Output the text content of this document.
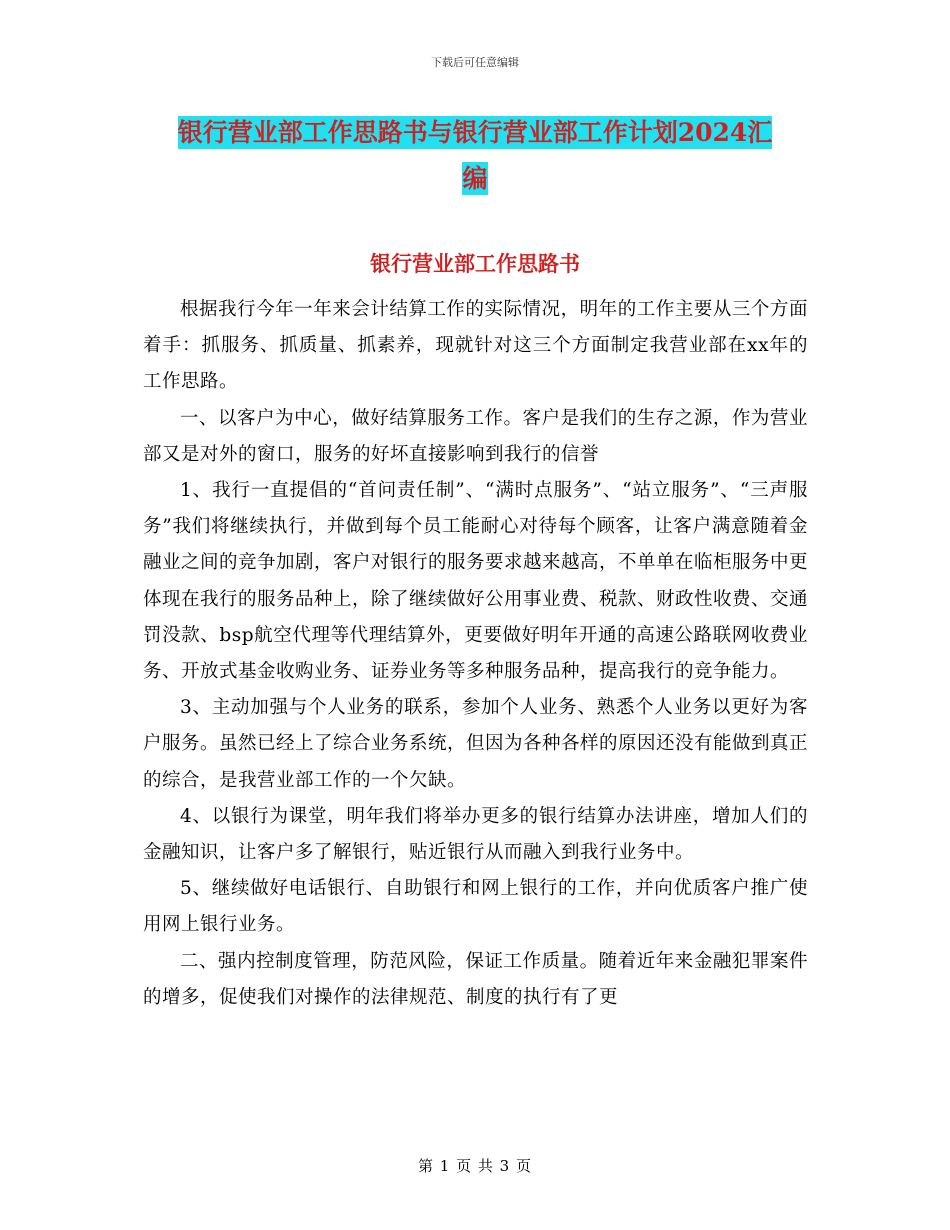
下载后可任意编辑
银行营业部工作思路书与银行营业部工作计划2024汇
编
银行营业部工作思路书

根据我行今年一年来会计结算工作的实际情况，明年的工作主要从三个方面着手：抓服务、抓质量、抓素养，现就针对这三个方面制定我营业部在xx年的工作思路。

一、以客户为中心，做好结算服务工作。客户是我们的生存之源，作为营业部又是对外的窗口，服务的好坏直接影响到我行的信誉

1、我行一直提倡的“首问责任制”、“满时点服务”、“站立服务”、“三声服务”我们将继续执行，并做到每个员工能耐心对待每个顾客，让客户满意随着金融业之间的竞争加剧，客户对银行的服务要求越来越高，不单单在临柜服务中更体现在我行的服务品种上，除了继续做好公用事业费、税款、财政性收费、交通罚没款、bsp航空代理等代理结算外，更要做好明年开通的高速公路联网收费业务、开放式基金收购业务、证券业务等多种服务品种，提高我行的竞争能力。

3、主动加强与个人业务的联系，参加个人业务、熟悉个人业务以更好为客户服务。虽然已经上了综合业务系统，但因为各种各样的原因还没有能做到真正的综合，是我营业部工作的一个欠缺。

4、以银行为课堂，明年我们将举办更多的银行结算办法讲座，增加人们的金融知识，让客户多了解银行，贴近银行从而融入到我行业务中。

5、继续做好电话银行、自助银行和网上银行的工作，并向优质客户推广使用网上银行业务。

二、强内控制度管理，防范风险，保证工作质量。随着近年来金融犯罪案件的增多，促使我们对操作的法律规范、制度的执行有了更

第 1 页 共 3 页
